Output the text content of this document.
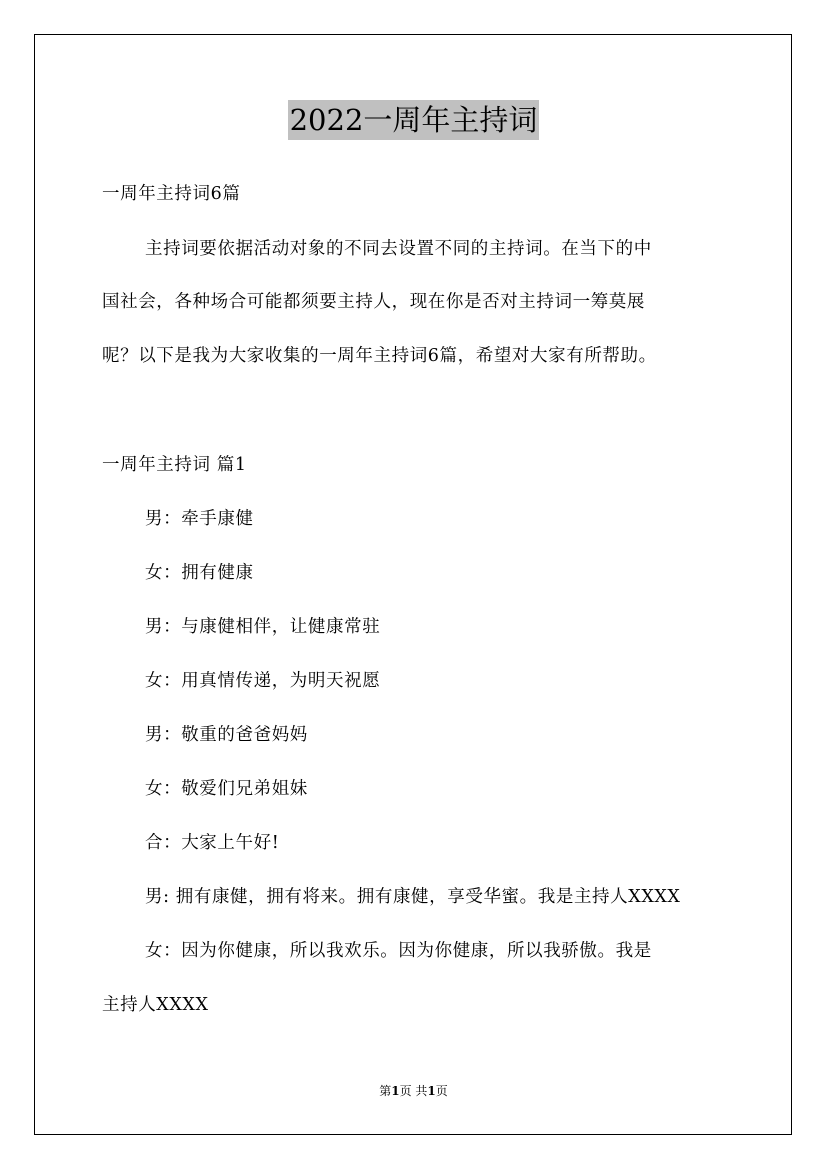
2022一周年主持词
一周年主持词6篇
主持词要依据活动对象的不同去设置不同的主持词。在当下的中
国社会，各种场合可能都须要主持人，现在你是否对主持词一筹莫展
呢？以下是我为大家收集的一周年主持词6篇，希望对大家有所帮助。
一周年主持词 篇1
男：牵手康健
女：拥有健康
男：与康健相伴，让健康常驻
女：用真情传递，为明天祝愿
男：敬重的爸爸妈妈
女：敬爱们兄弟姐妹
合：大家上午好!
男: 拥有康健，拥有将来。拥有康健，享受华蜜。我是主持人XXXX
女：因为你健康，所以我欢乐。因为你健康，所以我骄傲。我是
主持人XXXX
第1页 共1页
